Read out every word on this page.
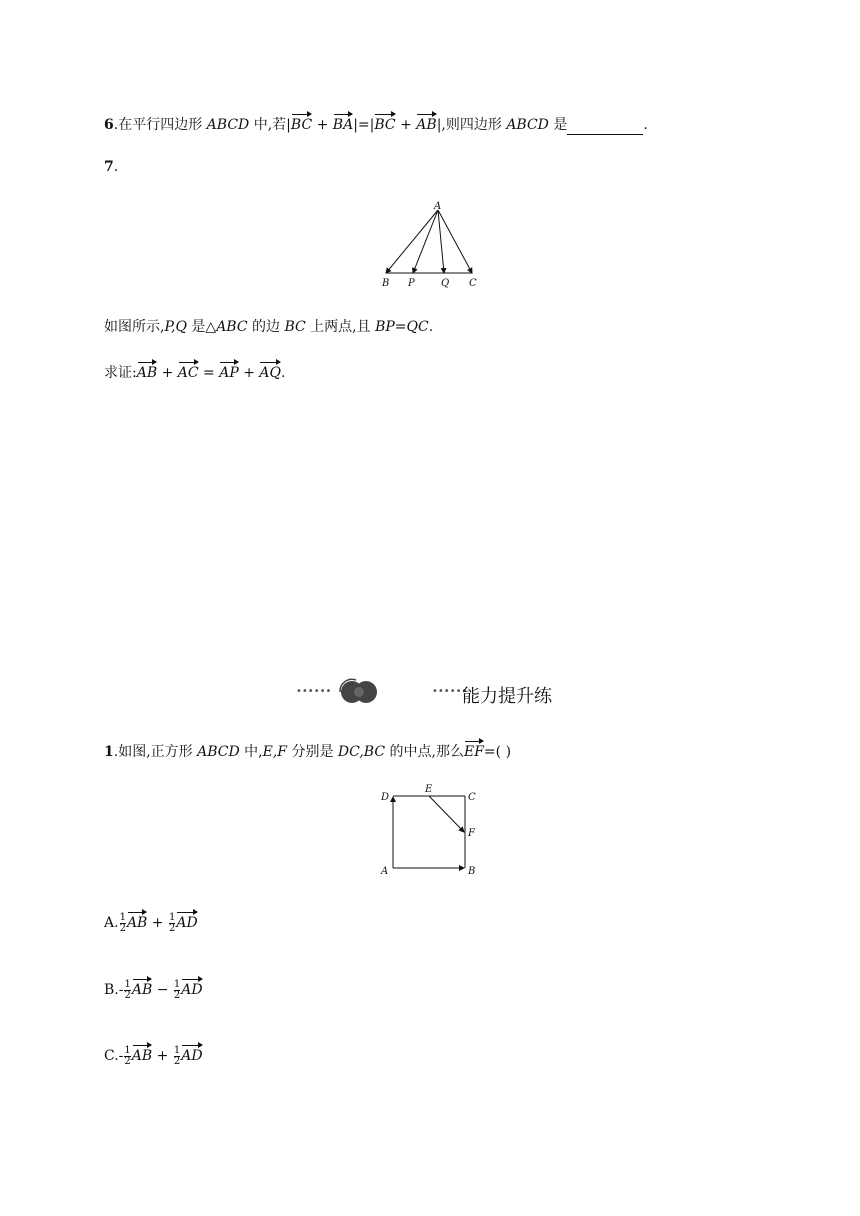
6.在平行四边形 ABCD 中,若|BC + BA|=|BC + AB|,则四边形 ABCD 是	.
7.
A
B P	Q C
如图所示,P,Q 是△ABC 的边 BC 上两点,且 BP=QC.
求证:AB + AC = AP + AQ.
••••••	••••••
能力提升练
1.如图,正方形 ABCD 中,E,F 分别是 DC,BC 的中点,那么EF=( )
D
E
C
F
A	B
A. $\frac{1}{2}$ AB + $\frac{1}{2}$ AD
$B.- \frac{1}{2}$ AB − $\frac{1}{2}$ AD
$C.- \frac{1}{2}$ AB + $\frac{1}{2}$ AD
